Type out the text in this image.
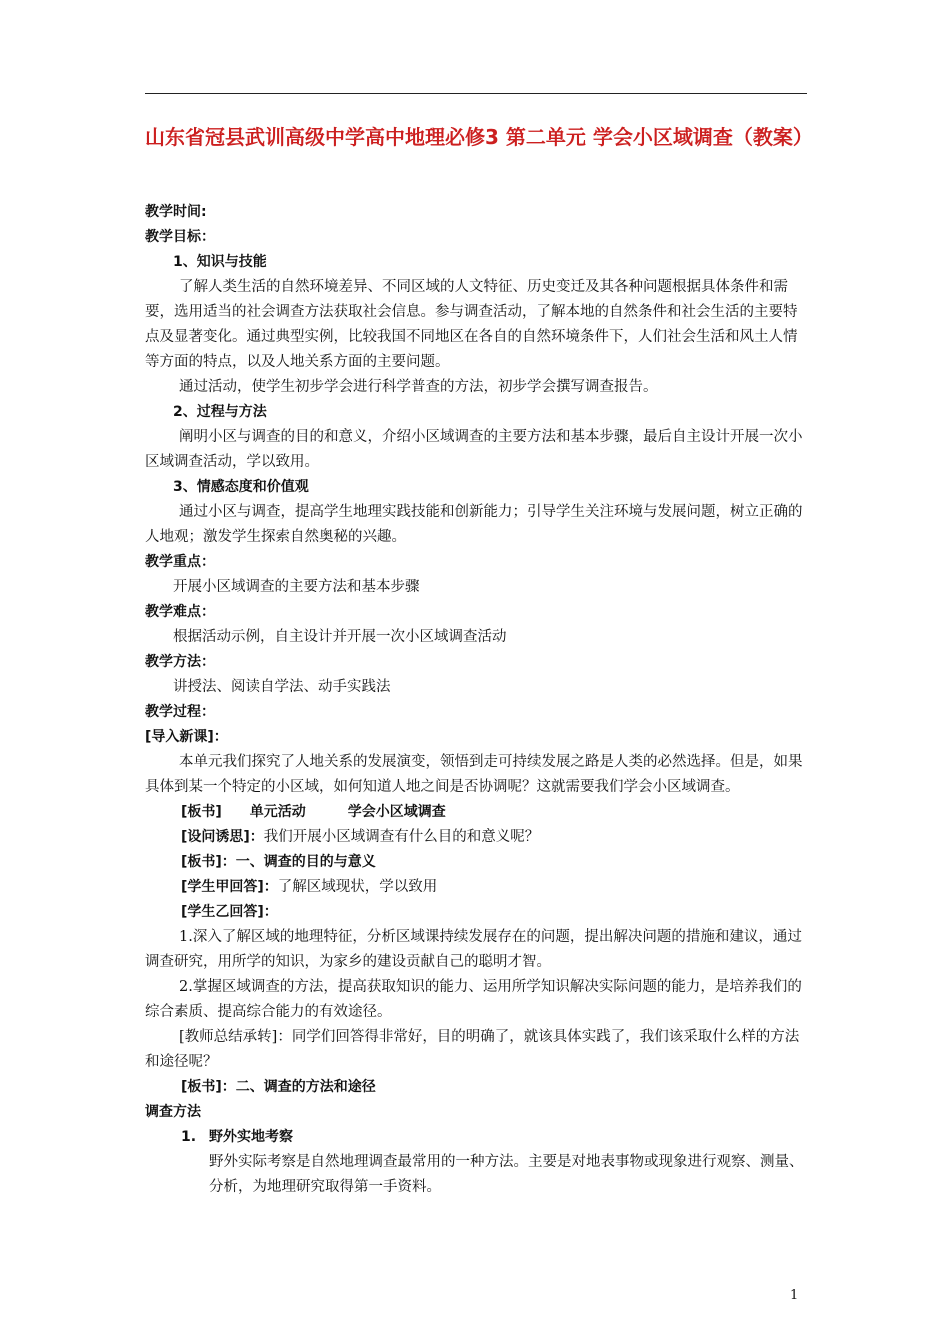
山东省冠县武训高级中学高中地理必修3 第二单元 学会小区域调查（教案）

教学时间:

教学目标：

1、知识与技能

了解人类生活的自然环境差异、不同区域的人文特征、历史变迁及其各种问题根据具体条件和需要，选用适当的社会调查方法获取社会信息。参与调查活动，了解本地的自然条件和社会生活的主要特点及显著变化。通过典型实例，比较我国不同地区在各自的自然环境条件下，人们社会生活和风土人情等方面的特点，以及人地关系方面的主要问题。

通过活动，使学生初步学会进行科学普查的方法，初步学会撰写调查报告。

2、过程与方法

阐明小区与调查的目的和意义，介绍小区域调查的主要方法和基本步骤，最后自主设计开展一次小区域调查活动，学以致用。

3、情感态度和价值观

通过小区与调查，提高学生地理实践技能和创新能力；引导学生关注环境与发展问题，树立正确的人地观；激发学生探索自然奥秘的兴趣。

教学重点：

开展小区域调查的主要方法和基本步骤

教学难点：

根据活动示例，自主设计并开展一次小区域调查活动

教学方法：

讲授法、阅读自学法、动手实践法

教学过程：

[导入新课]：

本单元我们探究了人地关系的发展演变，领悟到走可持续发展之路是人类的必然选择。但是，如果具体到某一个特定的小区域，如何知道人地之间是否协调呢？这就需要我们学会小区域调查。

[板书]　　单元活动　　　学会小区域调查

[设问诱思]：我们开展小区域调查有什么目的和意义呢？

[板书]：一、调查的目的与意义

[学生甲回答]：了解区域现状，学以致用

[学生乙回答]：

1.深入了解区域的地理特征，分析区域课持续发展存在的问题，提出解决问题的措施和建议，通过调查研究，用所学的知识，为家乡的建设贡献自己的聪明才智。

2.掌握区域调查的方法，提高获取知识的能力、运用所学知识解决实际问题的能力，是培养我们的综合素质、提高综合能力的有效途径。

[教师总结承转]：同学们回答得非常好，目的明确了，就该具体实践了，我们该采取什么样的方法和途径呢？

[板书]：二、调查的方法和途径

调查方法

1. 野外实地考察

野外实际考察是自然地理调查最常用的一种方法。主要是对地表事物或现象进行观察、测量、分析，为地理研究取得第一手资料。

1
